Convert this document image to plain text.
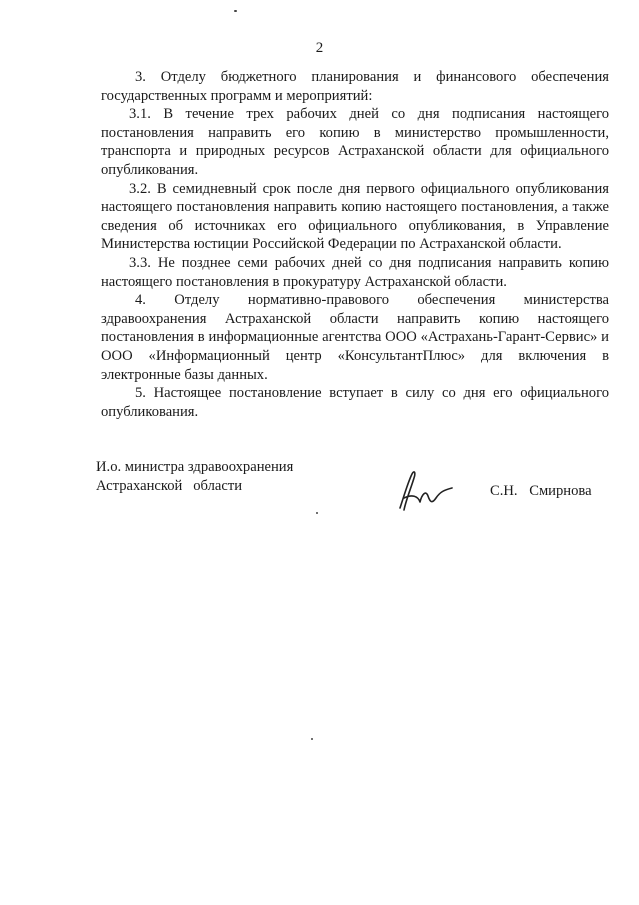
2

3. Отделу бюджетного планирования и финансового обеспечения государственных программ и мероприятий:

3.1. В течение трех рабочих дней со дня подписания настоящего постановления направить его копию в министерство промышленности, транспорта и природных ресурсов Астраханской области для официального опубликования.

3.2. В семидневный срок после дня первого официального опубликования настоящего постановления направить копию настоящего постановления, а также сведения об источниках его официального опубликования, в Управление Министерства юстиции Российской Федерации по Астраханской области.

3.3. Не позднее семи рабочих дней со дня подписания направить копию настоящего постановления в прокуратуру Астраханской области.

4. Отделу нормативно-правового обеспечения министерства здравоохранения Астраханской области направить копию настоящего постановления в информационные агентства ООО «Астрахань-Гарант-Сервис» и ООО «Информационный центр «КонсультантПлюс» для включения в электронные базы данных.

5. Настоящее постановление вступает в силу со дня его официального опубликования.

И.о. министра здравоохранения
Астраханской   области	С.Н. Смирнова
